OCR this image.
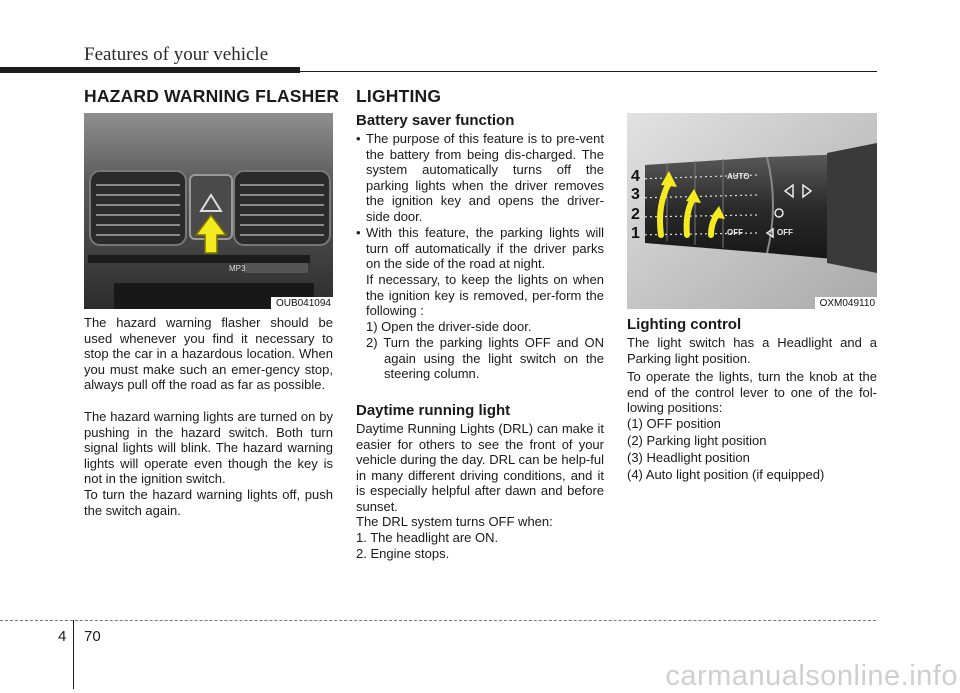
Features of your vehicle
HAZARD WARNING FLASHER
MP3
OUB041094

The hazard warning flasher should be used whenever you find it necessary to stop the car in a hazardous location. When you must make such an emer-gency stop, always pull off the road as far as possible.

The hazard warning lights are turned on by pushing in the hazard switch. Both turn signal lights will blink. The hazard warning lights will operate even though the key is not in the ignition switch.

To turn the hazard warning lights off, push the switch again.

LIGHTING
Battery saver function
• The purpose of this feature is to pre-vent the battery from being dis-charged. The system automatically turns off the parking lights when the driver removes the ignition key and opens the driver- side door.
• With this feature, the parking lights will turn off automatically if the driver parks on the side of the road at night.

If necessary, to keep the lights on when the ignition key is removed, per-form the following :

1) Open the driver-side door.

2) Turn the parking lights OFF and ON again using the light switch on the steering column.
Daytime running light

Daytime Running Lights (DRL) can make it easier for others to see the front of your vehicle during the day. DRL can be help-ful in many different driving conditions, and it is especially helpful after dawn and before sunset.

The DRL system turns OFF when:

1. The headlight are ON.

2. Engine stops.

4
3
2
1
AUTO
OFF	OFF
OXM049110
Lighting control

The light switch has a Headlight and a Parking light position.

To operate the lights, turn the knob at the end of the control lever to one of the fol-lowing positions:

(1) OFF position

(2) Parking light position

(3) Headlight position

(4) Auto light position (if equipped)

4 70
carmanualsonline.info
